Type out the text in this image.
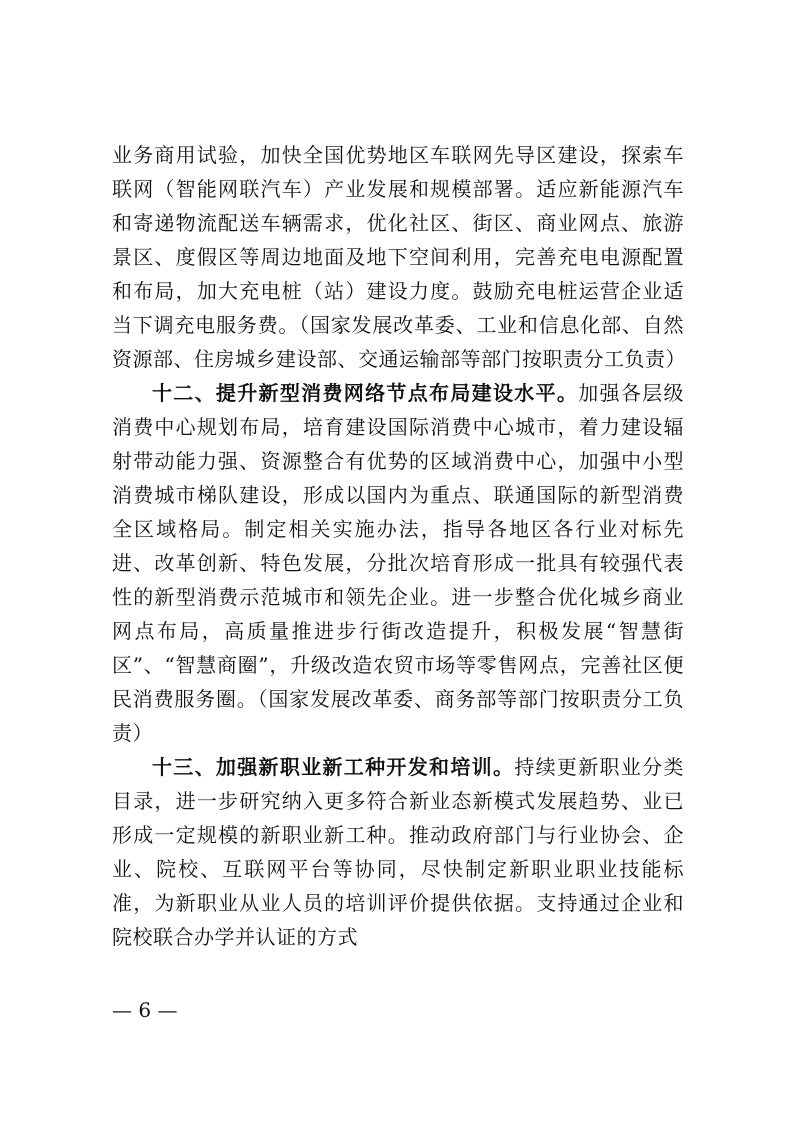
业务商用试验，加快全国优势地区车联网先导区建设，探索车联网（智能网联汽车）产业发展和规模部署。适应新能源汽车和寄递物流配送车辆需求，优化社区、街区、商业网点、旅游景区、度假区等周边地面及地下空间利用，完善充电电源配置和布局，加大充电桩（站）建设力度。鼓励充电桩运营企业适当下调充电服务费。（国家发展改革委、工业和信息化部、自然资源部、住房城乡建设部、交通运输部等部门按职责分工负责）

十二、提升新型消费网络节点布局建设水平。加强各层级消费中心规划布局，培育建设国际消费中心城市，着力建设辐射带动能力强、资源整合有优势的区域消费中心，加强中小型消费城市梯队建设，形成以国内为重点、联通国际的新型消费全区域格局。制定相关实施办法，指导各地区各行业对标先进、改革创新、特色发展，分批次培育形成一批具有较强代表性的新型消费示范城市和领先企业。进一步整合优化城乡商业网点布局，高质量推进步行街改造提升，积极发展“智慧街区”、“智慧商圈”，升级改造农贸市场等零售网点，完善社区便民消费服务圈。（国家发展改革委、商务部等部门按职责分工负责）

十三、加强新职业新工种开发和培训。持续更新职业分类目录，进一步研究纳入更多符合新业态新模式发展趋势、业已形成一定规模的新职业新工种。推动政府部门与行业协会、企业、院校、互联网平台等协同，尽快制定新职业职业技能标准，为新职业从业人员的培训评价提供依据。支持通过企业和院校联合办学并认证的方式

— 6 —
